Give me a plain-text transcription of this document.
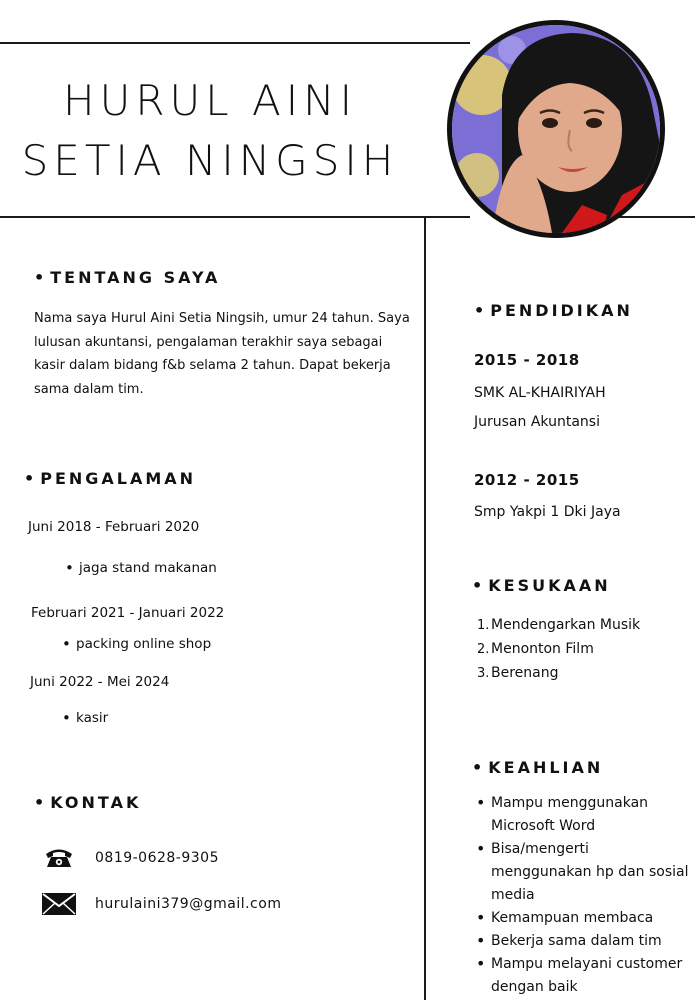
HURUL AINI
SETIA NINGSIH
• TENTANG SAYA
Nama saya Hurul Aini Setia Ningsih, umur 24 tahun. Saya lulusan akuntansi, pengalaman terakhir saya sebagai kasir dalam bidang f&b selama 2 tahun. Dapat bekerja sama dalam tim.
• PENGALAMAN
Juni 2018 - Februari 2020
• jaga stand makanan
Februari 2021 - Januari 2022
• packing online shop
Juni 2022 - Mei 2024
• kasir
• KONTAK
0819-0628-9305
hurulaini379@gmail.com
• PENDIDIKAN
2015 - 2018
SMK AL-KHAIRIYAH
Jurusan Akuntansi
2012 - 2015
Smp Yakpi 1 Dki Jaya
• KESUKAAN
1. Mendengarkan Musik
2. Menonton Film
3. Berenang
• KEAHLIAN
• Mampu menggunakan Microsoft Word
• Bisa/mengerti menggunakan hp dan sosial media
• Kemampuan membaca
• Bekerja sama dalam tim
• Mampu melayani customer dengan baik
